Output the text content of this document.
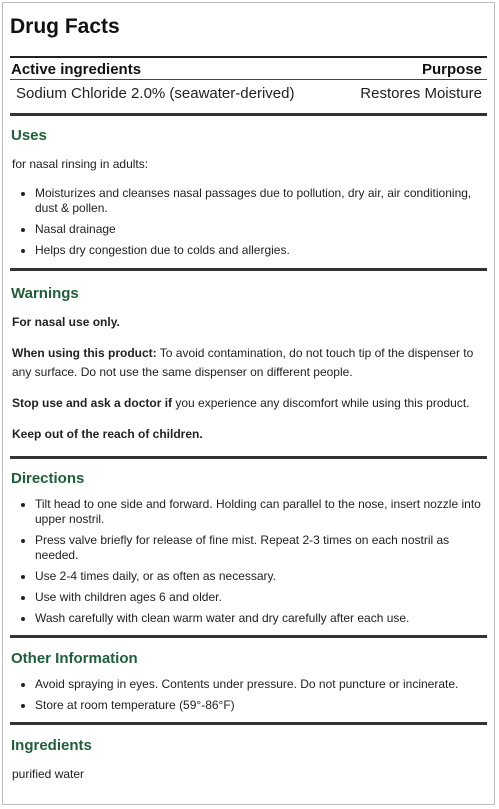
Drug Facts
Active ingredients	Purpose
Sodium Chloride 2.0% (seawater-derived)	Restores Moisture
Uses
for nasal rinsing in adults:
• Moisturizes and cleanses nasal passages due to pollution, dry air, air conditioning, dust & pollen.
• Nasal drainage
• Helps dry congestion due to colds and allergies.
Warnings
For nasal use only.
When using this product: To avoid contamination, do not touch tip of the dispenser to any surface. Do not use the same dispenser on different people.
Stop use and ask a doctor if you experience any discomfort while using this product.
Keep out of the reach of children.
Directions
• Tilt head to one side and forward. Holding can parallel to the nose, insert nozzle into upper nostril.
• Press valve briefly for release of fine mist. Repeat 2-3 times on each nostril as needed.
• Use 2-4 times daily, or as often as necessary.
• Use with children ages 6 and older.
• Wash carefully with clean warm water and dry carefully after each use.
Other Information
• Avoid spraying in eyes. Contents under pressure. Do not puncture or incinerate.
• Store at room temperature (59°-86°F)
Ingredients
purified water
